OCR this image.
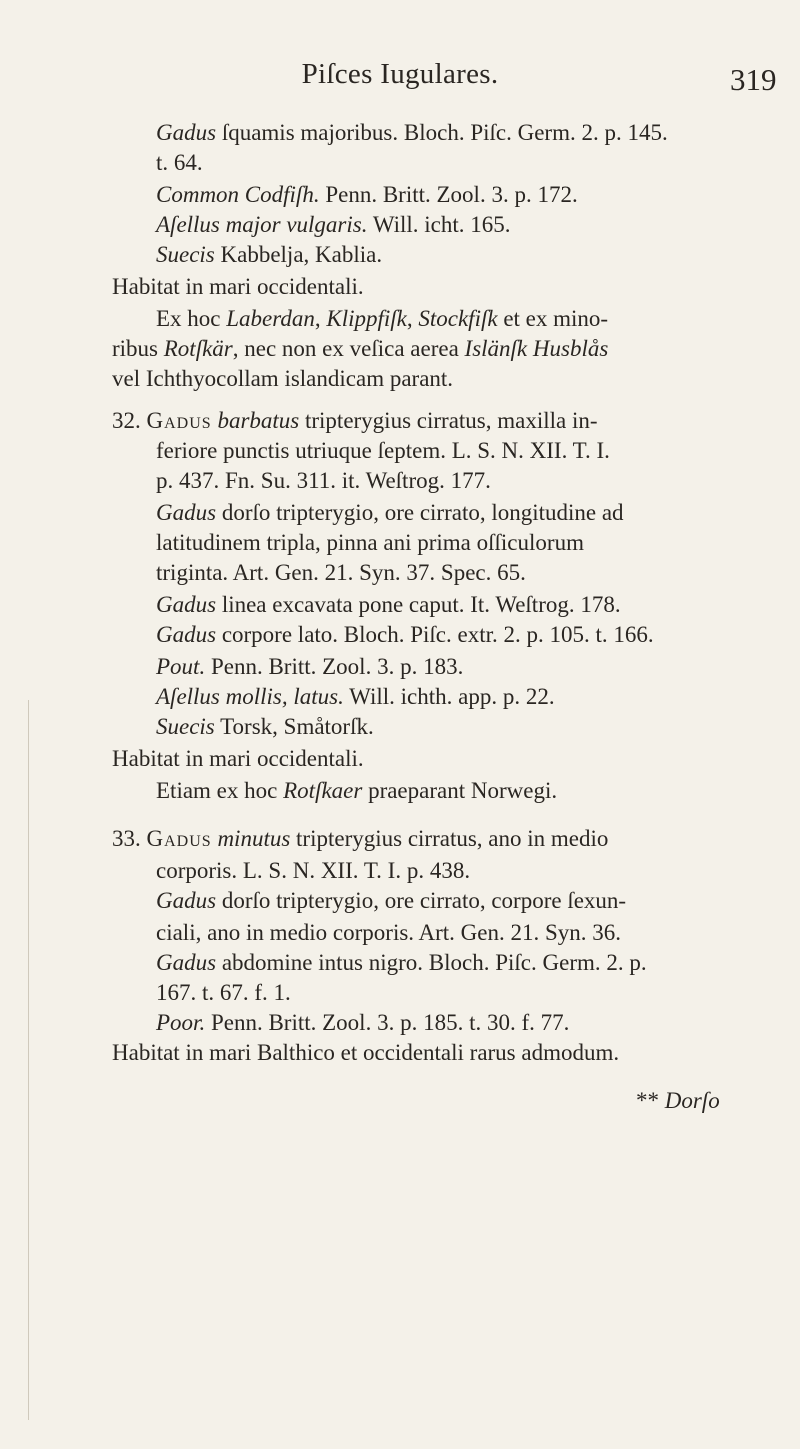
Piſces Iugulares.	319
Gadus ſquamis majoribus. Bloch. Piſc. Germ. 2. p. 145.
t. 64.
Common Codfiſh. Penn. Britt. Zool. 3. p. 172.
Aſellus major vulgaris. Will. icht. 165.
Suecis Kabbelja, Kablia.
Habitat in mari occidentali.
Ex hoc Laberdan, Klippfiſk, Stockfiſk et ex mino-
ribus Rotſkär, nec non ex veſica aerea Islänſk Husblås
vel Ichthyocollam islandicam parant.
32. Gadus barbatus tripterygius cirratus, maxilla in-
feriore punctis utriuque ſeptem. L. S. N. XII. T. I.
p. 437. Fn. Su. 311. it. Weſtrog. 177.
Gadus dorſo tripterygio, ore cirrato, longitudine ad
latitudinem tripla, pinna ani prima oſſiculorum
triginta. Art. Gen. 21. Syn. 37. Spec. 65.
Gadus linea excavata pone caput. It. Weſtrog. 178.
Gadus corpore lato. Bloch. Piſc. extr. 2. p. 105. t. 166.
Pout. Penn. Britt. Zool. 3. p. 183.
Aſellus mollis, latus. Will. ichth. app. p. 22.
Suecis Torsk, Småtorſk.
Habitat in mari occidentali.
Etiam ex hoc Rotſkaer praeparant Norwegi.
33. Gadus minutus tripterygius cirratus, ano in medio
corporis. L. S. N. XII. T. I. p. 438.
Gadus dorſo tripterygio, ore cirrato, corpore ſexun-
ciali, ano in medio corporis. Art. Gen. 21. Syn. 36.
Gadus abdomine intus nigro. Bloch. Piſc. Germ. 2. p.
167. t. 67. f. 1.
Poor. Penn. Britt. Zool. 3. p. 185. t. 30. f. 77.
Habitat in mari Balthico et occidentali rarus admodum.
** Dorſo
